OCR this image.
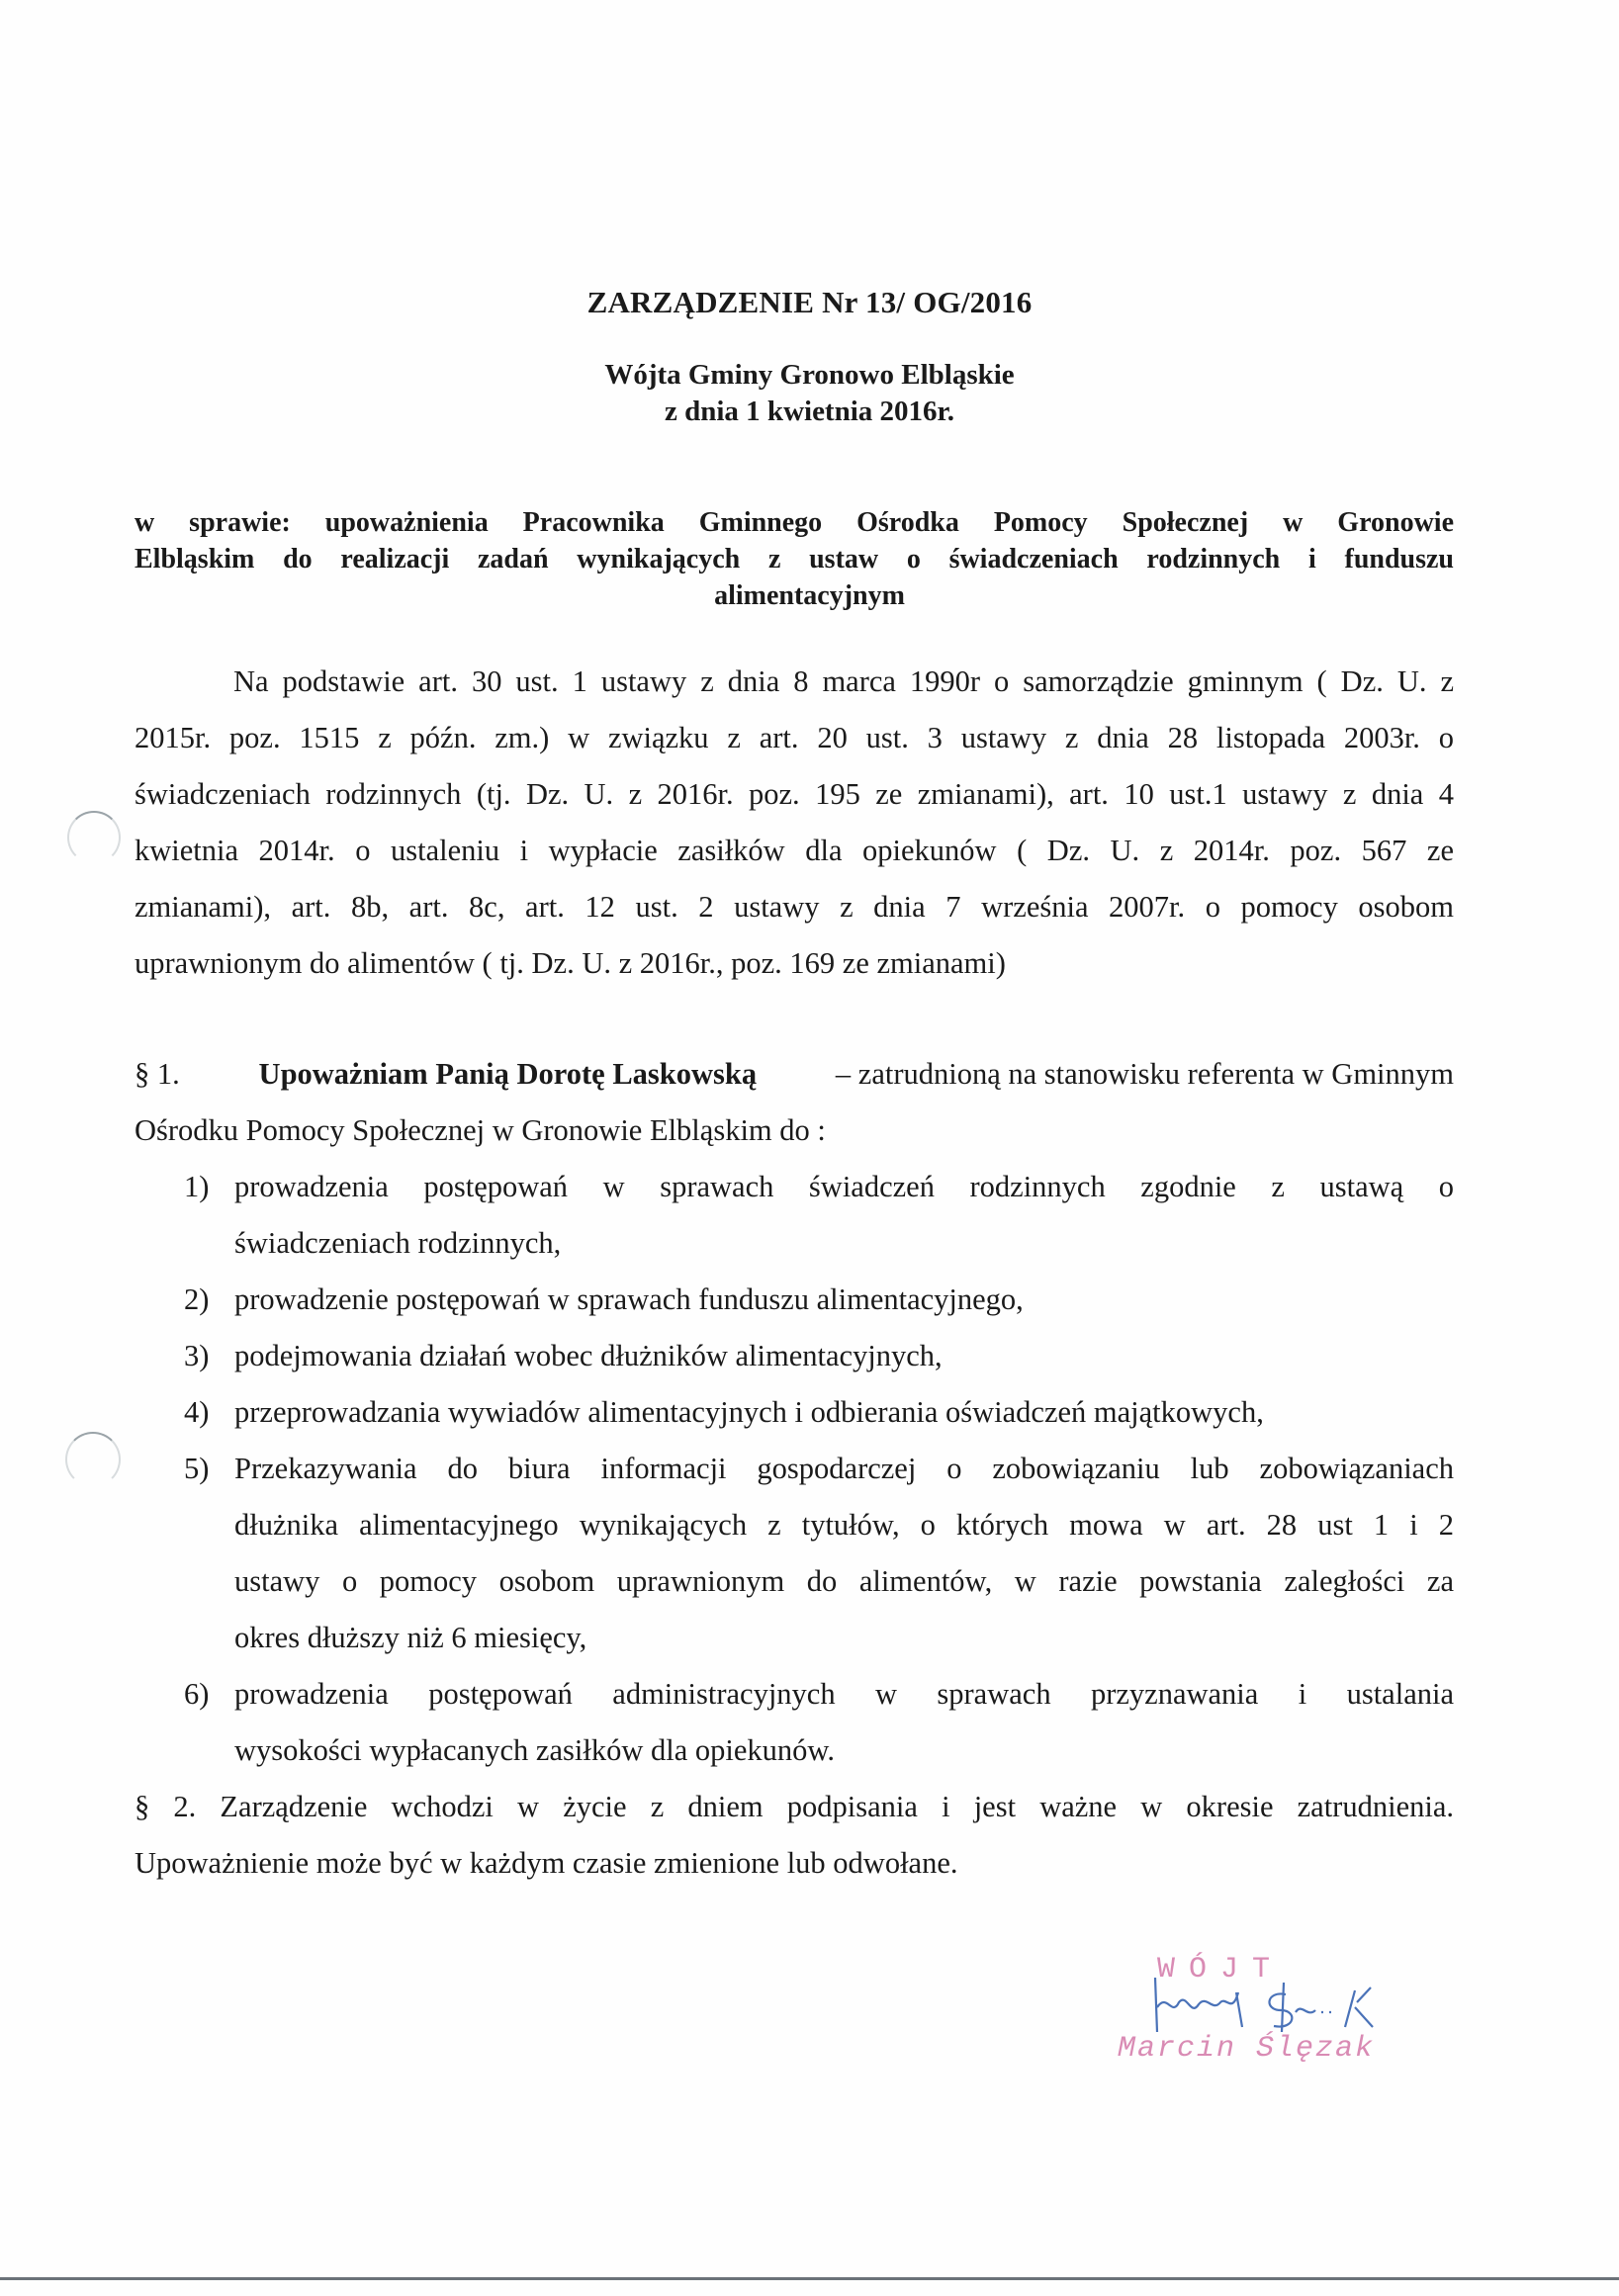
ZARZĄDZENIE Nr 13/ OG/2016
Wójta Gminy Gronowo Elbląskie
z dnia 1 kwietnia 2016r.
w sprawie: upoważnienia Pracownika Gminnego Ośrodka Pomocy Społecznej w Gronowie
Elbląskim do realizacji zadań wynikających z ustaw o świadczeniach rodzinnych i funduszu
alimentacyjnym
Na podstawie art. 30 ust. 1 ustawy z dnia 8 marca 1990r o samorządzie gminnym ( Dz. U. z
2015r. poz. 1515 z późn. zm.) w związku z art. 20 ust. 3 ustawy z dnia 28 listopada 2003r. o
świadczeniach rodzinnych (tj. Dz. U. z 2016r. poz. 195 ze zmianami), art. 10 ust.1 ustawy z dnia 4
kwietnia 2014r. o ustaleniu i wypłacie zasiłków dla opiekunów ( Dz. U. z 2014r. poz. 567 ze
zmianami), art. 8b, art. 8c, art. 12 ust. 2 ustawy z dnia 7 września 2007r. o pomocy osobom
uprawnionym do alimentów ( tj. Dz. U. z 2016r., poz. 169 ze zmianami)
§ 1.	Upoważniam Panią Dorotę Laskowską	– zatrudnioną na stanowisku referenta w Gminnym
Ośrodku Pomocy Społecznej w Gronowie Elbląskim do :
1) prowadzenia postępowań w sprawach świadczeń rodzinnych zgodnie z ustawą o
świadczeniach rodzinnych,
2) prowadzenie postępowań w sprawach funduszu alimentacyjnego,
3) podejmowania działań wobec dłużników alimentacyjnych,
4) przeprowadzania wywiadów alimentacyjnych i odbierania oświadczeń majątkowych,
5) Przekazywania do biura informacji gospodarczej o zobowiązaniu lub zobowiązaniach
dłużnika alimentacyjnego wynikających z tytułów, o których mowa w art. 28 ust 1 i 2
ustawy o pomocy osobom uprawnionym do alimentów, w razie powstania zaległości za
okres dłuższy niż 6 miesięcy,
6) prowadzenia postępowań administracyjnych w sprawach przyznawania i ustalania
wysokości wypłacanych zasiłków dla opiekunów.
§ 2. Zarządzenie wchodzi w życie z dniem podpisania i jest ważne w okresie zatrudnienia.
Upoważnienie może być w każdym czasie zmienione lub odwołane.
WÓJT
Marcin Ślęzak
